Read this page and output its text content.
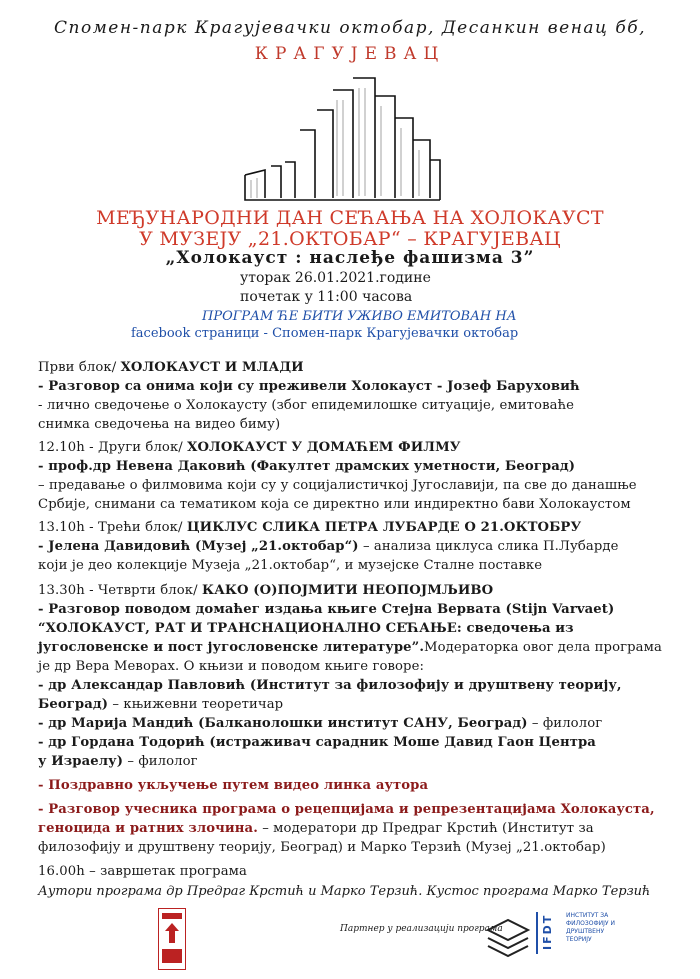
Спомен-парк Крагујевачки октобар, Десанкин венац бб,
КРАГУЈЕВАЦ
МЕЂУНАРОДНИ ДАН СЕЋАЊА НА ХОЛОКАУСТ
У МУЗЕЈУ „21.ОКТОБАР“ – КРАГУЈЕВАЦ
„Холокауст : наслеђе фашизма 3”
уторак 26.01.2021.године
почетак у 11:00 часова
ПРОГРАМ ЋЕ БИТИ УЖИВО ЕМИТОВАН НА
facebook страници - Спомен-парк Крагујевачки октобар
Први блок/ ХОЛОКАУСТ И МЛАДИ
- Разговор са онима који су преживели Холокауст - Јозеф Баруховић
- лично сведочење о Холокаусту (због епидемилошке ситуације, емитоваће
снимка сведочења на видео биму)
12.10h - Други блок/ ХОЛОКАУСТ У ДОМАЋЕМ ФИЛМУ
- проф.др Невена Даковић (Факултет драмских уметности, Београд)
– предавање о филмовима који су у социјалистичкој Југославији, па све до данашње
Србије, снимани са тематиком која се директно или индиректно бави Холокаустом
13.10h - Трећи блок/ ЦИКЛУС СЛИКА ПЕТРА ЛУБАРДЕ О 21.ОКТОБРУ
- Јелена Давидовић (Музеј „21.октобар“) – анализа циклуса слика П.Лубарде
који је део колекције Музеја „21.октобар“, и музејске Сталне поставке
13.30h - Четврти блок/ КАКО (О)ПОЈМИТИ НЕОПОЈМЉИВО
- Разговор поводом домаћег издања књиге Стејна Вервата (Stijn Varvaet)
“ХОЛОКАУСТ, РАТ И ТРАНСНАЦИОНАЛНО СЕЋАЊЕ: сведочења из
југословенске и пост југословенске литературе”.Модераторка овог дела програма
је др Вера Меворах. О књизи и поводом књиге говоре:
- др Александар Павловић (Институт за филозофију и друштвену теорију,
Београд) – књижевни теоретичар
- др Марија Мандић (Балканолошки институт САНУ, Београд) – филолог
- др Гордана Тодорић (истраживач сарадник Моше Давид Гаон Центра
у Израелу) – филолог
- Поздравно укључење путем видео линка аутора
- Разговор учесника програма о рецепцијама и репрезентацијама Холокауста,
геноцида и ратних злочина. – модератори др Предраг Крстић (Институт за
филозофију и друштвену теорију, Београд) и Марко Терзић (Музеј „21.октобар)
16.00h – завршетак програма
Аутори програма др Предраг Крстић и Марко Терзић. Кустос програма Марко Терзић
Партнер у реализацији програма	IFDT ИНСТИТУТ ЗА
ФИЛОЗОФИЈУ И
ДРУШТВЕНУ
ТЕОРИЈУ
